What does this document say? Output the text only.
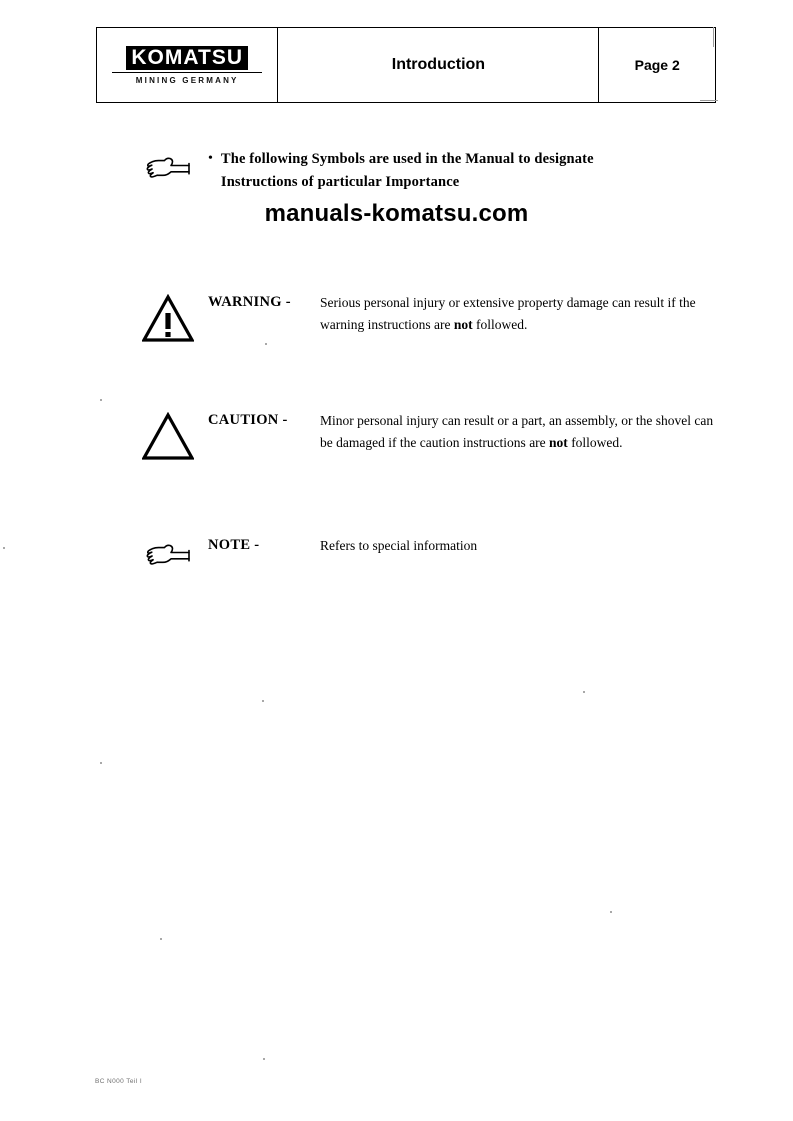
KOMATSU
MINING GERMANY
Introduction	Page 2
• The following Symbols are used in the Manual to designate
Instructions of particular Importance
manuals-komatsu.com
WARNING -	Serious personal injury or extensive property damage can result if the warning instructions are not followed.
CAUTION -	Minor personal injury can result or a part, an assembly, or the shovel can be damaged if the caution instructions are not followed.
NOTE -	Refers to special information
BC N000 Teil I
